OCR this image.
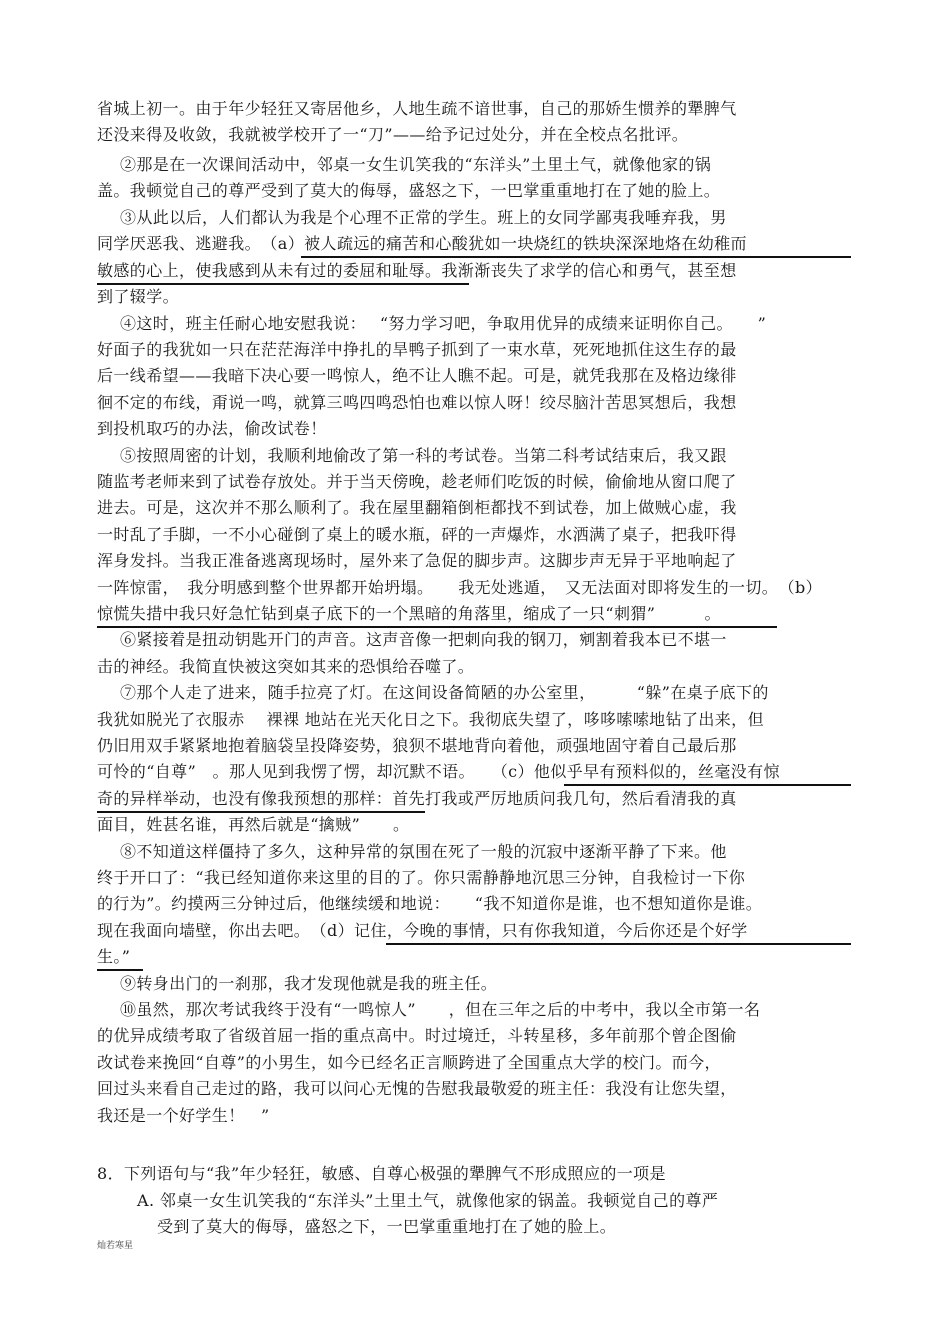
省城上初一。由于年少轻狂又寄居他乡，人地生疏不谙世事，自己的那娇生惯养的犟脾气
还没来得及收敛，我就被学校开了一“刀”——给予记过处分，并在全校点名批评。
②那是在一次课间活动中，邻桌一女生讥笑我的“东洋头”土里土气，就像他家的锅
盖。我顿觉自己的尊严受到了莫大的侮辱，盛怒之下，一巴掌重重地打在了她的脸上。
③从此以后，人们都认为我是个心理不正常的学生。班上的女同学鄙夷我唾弃我，男
同学厌恶我、逃避我。　（a）被人疏远的痛苦和心酸犹如一块烧红的铁块深深地烙在幼稚而
敏感的心上，使我感到从未有过的委屈和耻辱。我渐渐丧失了求学的信心和勇气，甚至想
到了辍学。
④这时，班主任耐心地安慰我说：　 “努力学习吧，争取用优异的成绩来证明你自己。　　”
好面子的我犹如一只在茫茫海洋中挣扎的旱鸭子抓到了一束水草，死死地抓住这生存的最
后一线希望——我暗下决心要一鸣惊人，绝不让人瞧不起。可是，就凭我那在及格边缘徘
徊不定的布线，甭说一鸣，就算三鸣四鸣恐怕也难以惊人呀！绞尽脑汁苦思冥想后，我想
到投机取巧的办法，偷改试卷！
⑤按照周密的计划，我顺利地偷改了第一科的考试卷。当第二科考试结束后，我又跟
随监考老师来到了试卷存放处。并于当天傍晚，趁老师们吃饭的时候，偷偷地从窗口爬了
进去。可是，这次并不那么顺利了。我在屋里翻箱倒柜都找不到试卷，加上做贼心虚，我
一时乱了手脚，一不小心碰倒了桌上的暖水瓶，砰的一声爆炸，水洒满了桌子，把我吓得
浑身发抖。当我正准备逃离现场时，屋外来了急促的脚步声。这脚步声无异于平地响起了
一阵惊雷，　我分明感到整个世界都开始坍塌。　　我无处逃遁，　又无法面对即将发生的一切。　（b）
惊慌失措中我只好急忙钻到桌子底下的一个黑暗的角落里，缩成了一只“刺猬”　　　。
⑥紧接着是扭动钥匙开门的声音。这声音像一把刺向我的钢刀，剜割着我本已不堪一
击的神经。我简直快被这突如其来的恐惧给吞噬了。
⑦那个人走了进来，随手拉亮了灯。在这间设备简陋的办公室里，　　　“躲”在桌子底下的
我犹如脱光了衣服赤　 裸裸 地站在光天化日之下。我彻底失望了，哆哆嗦嗦地钻了出来，但
仍旧用双手紧紧地抱着脑袋呈投降姿势，狼狈不堪地背向着他，顽强地固守着自己最后那
可怜的“自尊”　。那人见到我愣了愣，却沉默不语。　　（c）他似乎早有预料似的，丝毫没有惊
奇的异样举动，也没有像我预想的那样：首先打我或严厉地质问我几句，然后看清我的真
面目，姓甚名谁，再然后就是“擒贼”　　。
⑧不知道这样僵持了多久，这种异常的氛围在死了一般的沉寂中逐渐平静了下来。他
终于开口了：“我已经知道你来这里的目的了。你只需静静地沉思三分钟，自我检讨一下你
的行为”。约摸两三分钟过后，他继续缓和地说：　　“我不知道你是谁，也不想知道你是谁。
现在我面向墙壁，你出去吧。　（d）记住，今晚的事情，只有你我知道，今后你还是个好学
生。”
⑨转身出门的一刹那，我才发现他就是我的班主任。
⑩虽然，那次考试我终于没有“一鸣惊人”　　，但在三年之后的中考中，我以全市第一名
的优异成绩考取了省级首屈一指的重点高中。时过境迁，斗转星移，多年前那个曾企图偷
改试卷来挽回“自尊”的小男生，如今已经名正言顺跨进了全国重点大学的校门。而今，
回过头来看自己走过的路，我可以问心无愧的告慰我最敬爱的班主任：我没有让您失望，
我还是一个好学生！　”
8．下列语句与“我”年少轻狂，敏感、自尊心极强的犟脾气不形成照应的一项是
A. 邻桌一女生讥笑我的“东洋头”土里土气，就像他家的锅盖。我顿觉自己的尊严
受到了莫大的侮辱，盛怒之下，一巴掌重重地打在了她的脸上。
灿若寒星
